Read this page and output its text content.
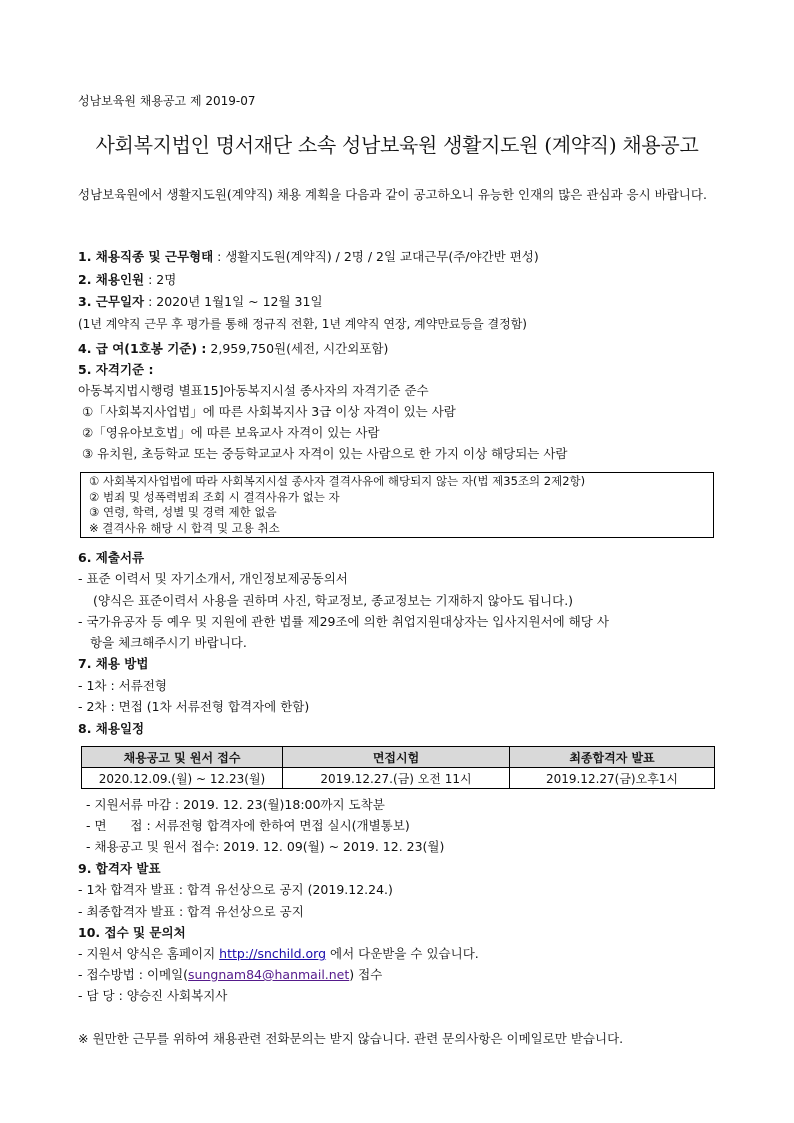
성남보육원 채용공고 제 2019-07
사회복지법인 명서재단 소속 성남보육원 생활지도원 (계약직) 채용공고
성남보육원에서 생활지도원(계약직) 채용 계획을 다음과 같이 공고하오니 유능한 인재의 많은 관심과 응시 바랍니다.
1. 채용직종 및 근무형태 : 생활지도원(계약직) / 2명 / 2일 교대근무(주/야간반 편성)
2. 채용인원 : 2명
3. 근무일자 : 2020년 1월1일 ~ 12월 31일
(1년 계약직 근무 후 평가를 통해 정규직 전환, 1년 계약직 연장, 계약만료등을 결정함)
4. 급 여(1호봉 기준) : 2,959,750원(세전, 시간외포함)
5. 자격기준 :
아동복지법시행령 별표15]아동복지시설 종사자의 자격기준 준수
①「사회복지사업법」에 따른 사회복지사 3급 이상 자격이 있는 사람
②「영유아보호법」에 따른 보육교사 자격이 있는 사람
③ 유치원, 초등학교 또는 중등학교교사 자격이 있는 사람으로 한 가지 이상 해당되는 사람
① 사회복지사업법에 따라 사회복지시설 종사자 결격사유에 해당되지 않는 자(법 제35조의 2제2항)
② 범죄 및 성폭력범죄 조회 시 결격사유가 없는 자
③ 연령, 학력, 성별 및 경력 제한 없음
※ 결격사유 해당 시 합격 및 고용 취소
6. 제출서류
- 표준 이력서 및 자기소개서, 개인정보제공동의서
(양식은 표준이력서 사용을 권하며 사진, 학교정보, 종교정보는 기재하지 않아도 됩니다.)
- 국가유공자 등 예우 및 지원에 관한 법률 제29조에 의한 취업지원대상자는 입사지원서에 해당 사
항을 체크해주시기 바랍니다.
7. 채용 방법
- 1차 : 서류전형
- 2차 : 면접 (1차 서류전형 합격자에 한함)
8. 채용일정
채용공고 및 원서 접수	면접시험	최종합격자 발표
2020.12.09.(월) ~ 12.23(월)	2019.12.27.(금) 오전 11시	2019.12.27(금)오후1시
- 지원서류 마감 : 2019. 12. 23(월)18:00까지 도착분
- 면      접 : 서류전형 합격자에 한하여 면접 실시(개별통보)
- 채용공고 및 원서 접수: 2019. 12. 09(월) ~ 2019. 12. 23(월)
9. 합격자 발표
- 1차 합격자 발표 : 합격 유선상으로 공지 (2019.12.24.)
- 최종합격자 발표 : 합격 유선상으로 공지
10. 접수 및 문의처
- 지원서 양식은 홈페이지 http://snchild.org 에서 다운받을 수 있습니다.
- 접수방법 : 이메일(sungnam84@hanmail.net) 접수
- 담 당 : 양승진 사회복지사
※ 원만한 근무를 위하여 채용관련 전화문의는 받지 않습니다. 관련 문의사항은 이메일로만 받습니다.
